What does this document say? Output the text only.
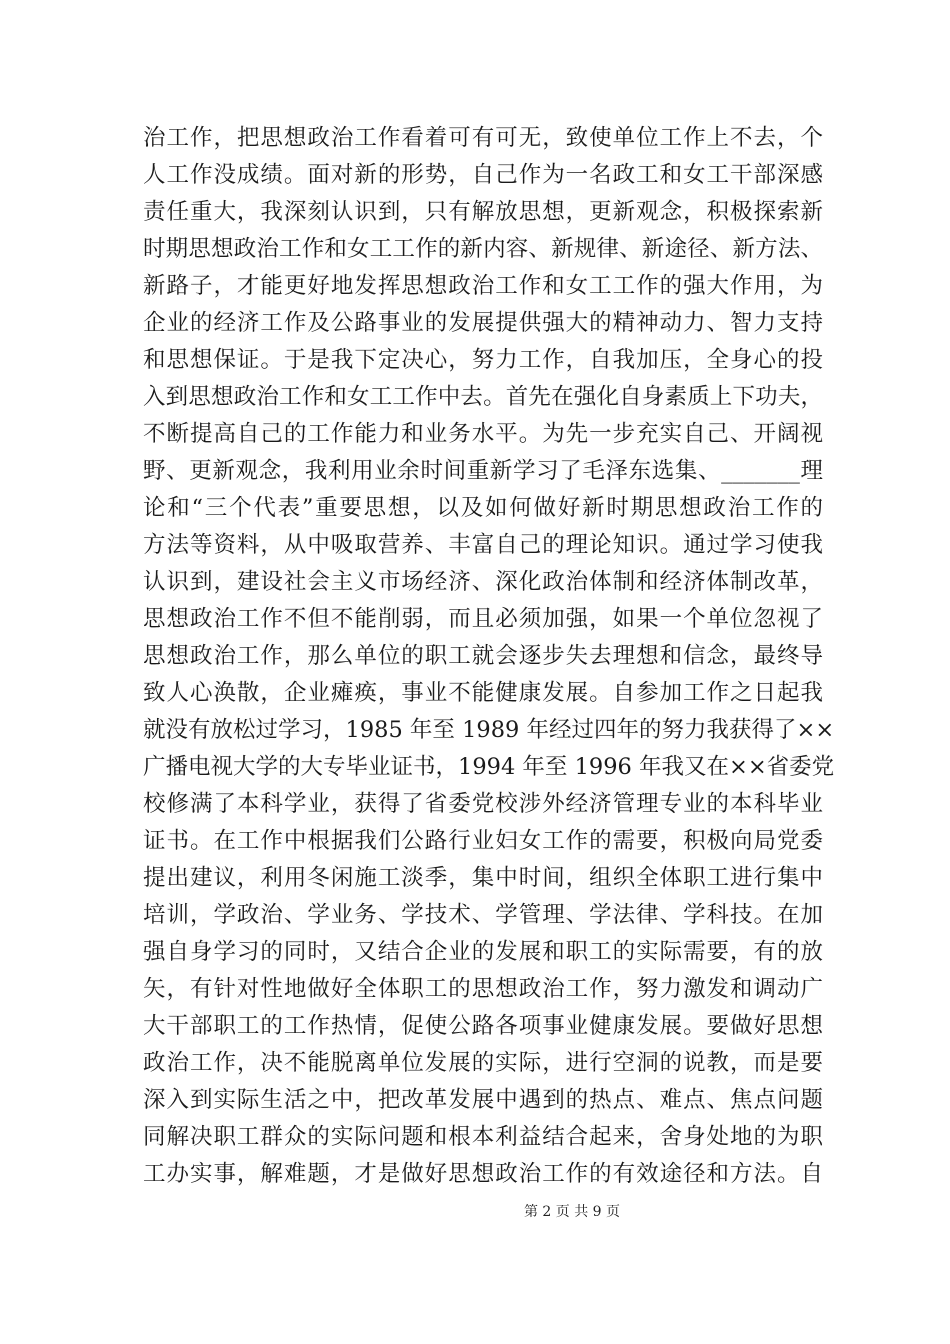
治工作，把思想政治工作看着可有可无，致使单位工作上不去，个
人工作没成绩。面对新的形势，自己作为一名政工和女工干部深感
责任重大，我深刻认识到，只有解放思想，更新观念，积极探索新
时期思想政治工作和女工工作的新内容、新规律、新途径、新方法、
新路子，才能更好地发挥思想政治工作和女工工作的强大作用，为
企业的经济工作及公路事业的发展提供强大的精神动力、智力支持
和思想保证。于是我下定决心，努力工作，自我加压，全身心的投
入到思想政治工作和女工工作中去。首先在强化自身素质上下功夫，
不断提高自己的工作能力和业务水平。为先一步充实自己、开阔视
野、更新观念，我利用业余时间重新学习了毛泽东选集、_______理
论和“三个代表”重要思想，以及如何做好新时期思想政治工作的
方法等资料，从中吸取营养、丰富自己的理论知识。通过学习使我
认识到，建设社会主义市场经济、深化政治体制和经济体制改革，
思想政治工作不但不能削弱，而且必须加强，如果一个单位忽视了
思想政治工作，那么单位的职工就会逐步失去理想和信念，最终导
致人心涣散，企业瘫痪，事业不能健康发展。自参加工作之日起我
就没有放松过学习，1985 年至 1989 年经过四年的努力我获得了××
广播电视大学的大专毕业证书，1994 年至 1996 年我又在××省委党
校修满了本科学业，获得了省委党校涉外经济管理专业的本科毕业
证书。在工作中根据我们公路行业妇女工作的需要，积极向局党委
提出建议，利用冬闲施工淡季，集中时间，组织全体职工进行集中
培训，学政治、学业务、学技术、学管理、学法律、学科技。在加
强自身学习的同时，又结合企业的发展和职工的实际需要，有的放
矢，有针对性地做好全体职工的思想政治工作，努力激发和调动广
大干部职工的工作热情，促使公路各项事业健康发展。要做好思想
政治工作，决不能脱离单位发展的实际，进行空洞的说教，而是要
深入到实际生活之中，把改革发展中遇到的热点、难点、焦点问题
同解决职工群众的实际问题和根本利益结合起来，舍身处地的为职
工办实事，解难题，才是做好思想政治工作的有效途径和方法。自
第 2 页 共 9 页
